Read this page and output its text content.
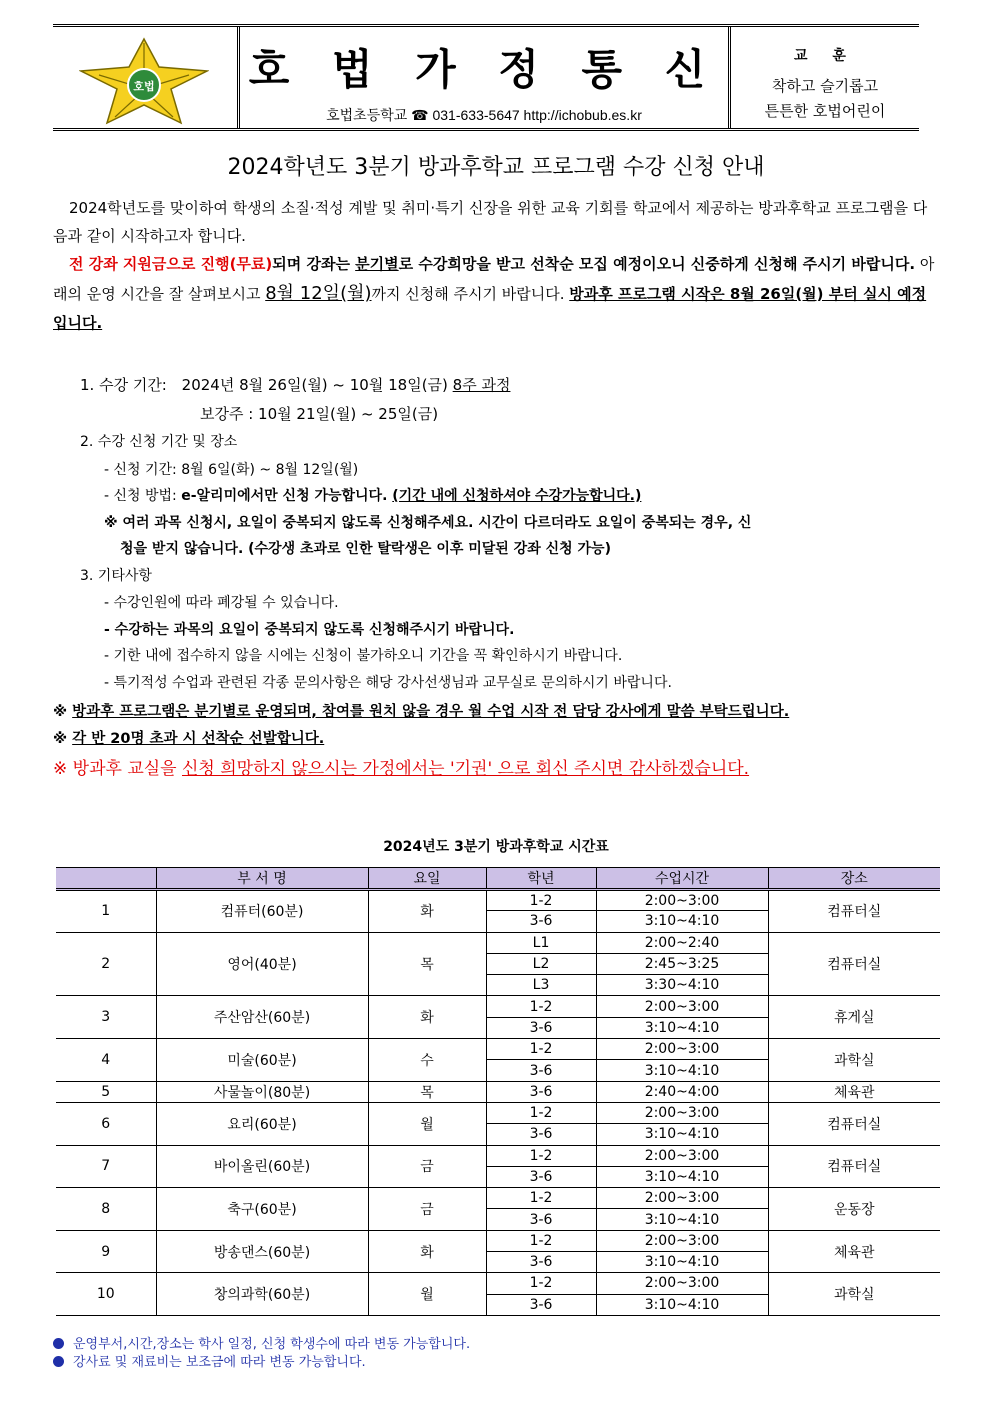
호법 호 법 가 정 통 신
호법초등학교 ☎ 031-633-5647 http://ichobub.es.kr
교 훈
착하고 슬기롭고
튼튼한 호법어린이
2024학년도 3분기 방과후학교 프로그램 수강 신청 안내
2024학년도를 맞이하여 학생의 소질·적성 계발 및 취미·특기 신장을 위한 교육 기회를 학교에서 제공하는 방과후학교 프로그램을 다음과 같이 시작하고자 합니다.
전 강좌 지원금으로 진행(무료)되며 강좌는 분기별로 수강희망을 받고 선착순 모집 예정이오니 신중하게 신청해 주시기 바랍니다. 아래의 운영 시간을 잘 살펴보시고 8월 12일(월)까지 신청해 주시기 바랍니다. 방과후 프로그램 시작은 8월 26일(월) 부터 실시 예정입니다.
1. 수강 기간: 2024년 8월 26일(월) ~ 10월 18일(금) 8주 과정
보강주 : 10월 21일(월) ~ 25일(금)
2. 수강 신청 기간 및 장소
- 신청 기간: 8월 6일(화) ~ 8월 12일(월)
- 신청 방법: e-알리미에서만 신청 가능합니다. (기간 내에 신청하셔야 수강가능합니다.)
※ 여러 과목 신청시, 요일이 중복되지 않도록 신청해주세요. 시간이 다르더라도 요일이 중복되는 경우, 신
청을 받지 않습니다. (수강생 초과로 인한 탈락생은 이후 미달된 강좌 신청 가능)
3. 기타사항
- 수강인원에 따라 폐강될 수 있습니다.
- 수강하는 과목의 요일이 중복되지 않도록 신청해주시기 바랍니다.
- 기한 내에 접수하지 않을 시에는 신청이 불가하오니 기간을 꼭 확인하시기 바랍니다.
- 특기적성 수업과 관련된 각종 문의사항은 해당 강사선생님과 교무실로 문의하시기 바랍니다.
※ 방과후 프로그램은 분기별로 운영되며, 참여를 원치 않을 경우 월 수업 시작 전 담당 강사에게 말씀 부탁드립니다.
※ 각 반 20명 초과 시 선착순 선발합니다.
※ 방과후 교실을 신청 희망하지 않으시는 가정에서는 '기권' 으로 회신 주시면 감사하겠습니다.
2024년도 3분기 방과후학교 시간표
	부 서 명	요일	학년	수업시간	장소
1	컴퓨터(60분)	화	1-2	2:00~3:00	컴퓨터실
			3-6	3:10~4:10	
2	영어(40분)	목	L1	2:00~2:40	컴퓨터실
			L2	2:45~3:25	
			L3	3:30~4:10	
3	주산암산(60분)	화	1-2	2:00~3:00	휴게실
			3-6	3:10~4:10	
4	미술(60분)	수	1-2	2:00~3:00	과학실
			3-6	3:10~4:10	
5	사물놀이(80분)	목	3-6	2:40~4:00	체육관
6	요리(60분)	월	1-2	2:00~3:00	컴퓨터실
			3-6	3:10~4:10	
7	바이올린(60분)	금	1-2	2:00~3:00	컴퓨터실
			3-6	3:10~4:10	
8	축구(60분)	금	1-2	2:00~3:00	운동장
			3-6	3:10~4:10	
9	방송댄스(60분)	화	1-2	2:00~3:00	체육관
			3-6	3:10~4:10	
10	창의과학(60분)	월	1-2	2:00~3:00	과학실
			3-6	3:10~4:10	
운영부서,시간,장소는 학사 일정, 신청 학생수에 따라 변동 가능합니다.
강사료 및 재료비는 보조금에 따라 변동 가능합니다.
